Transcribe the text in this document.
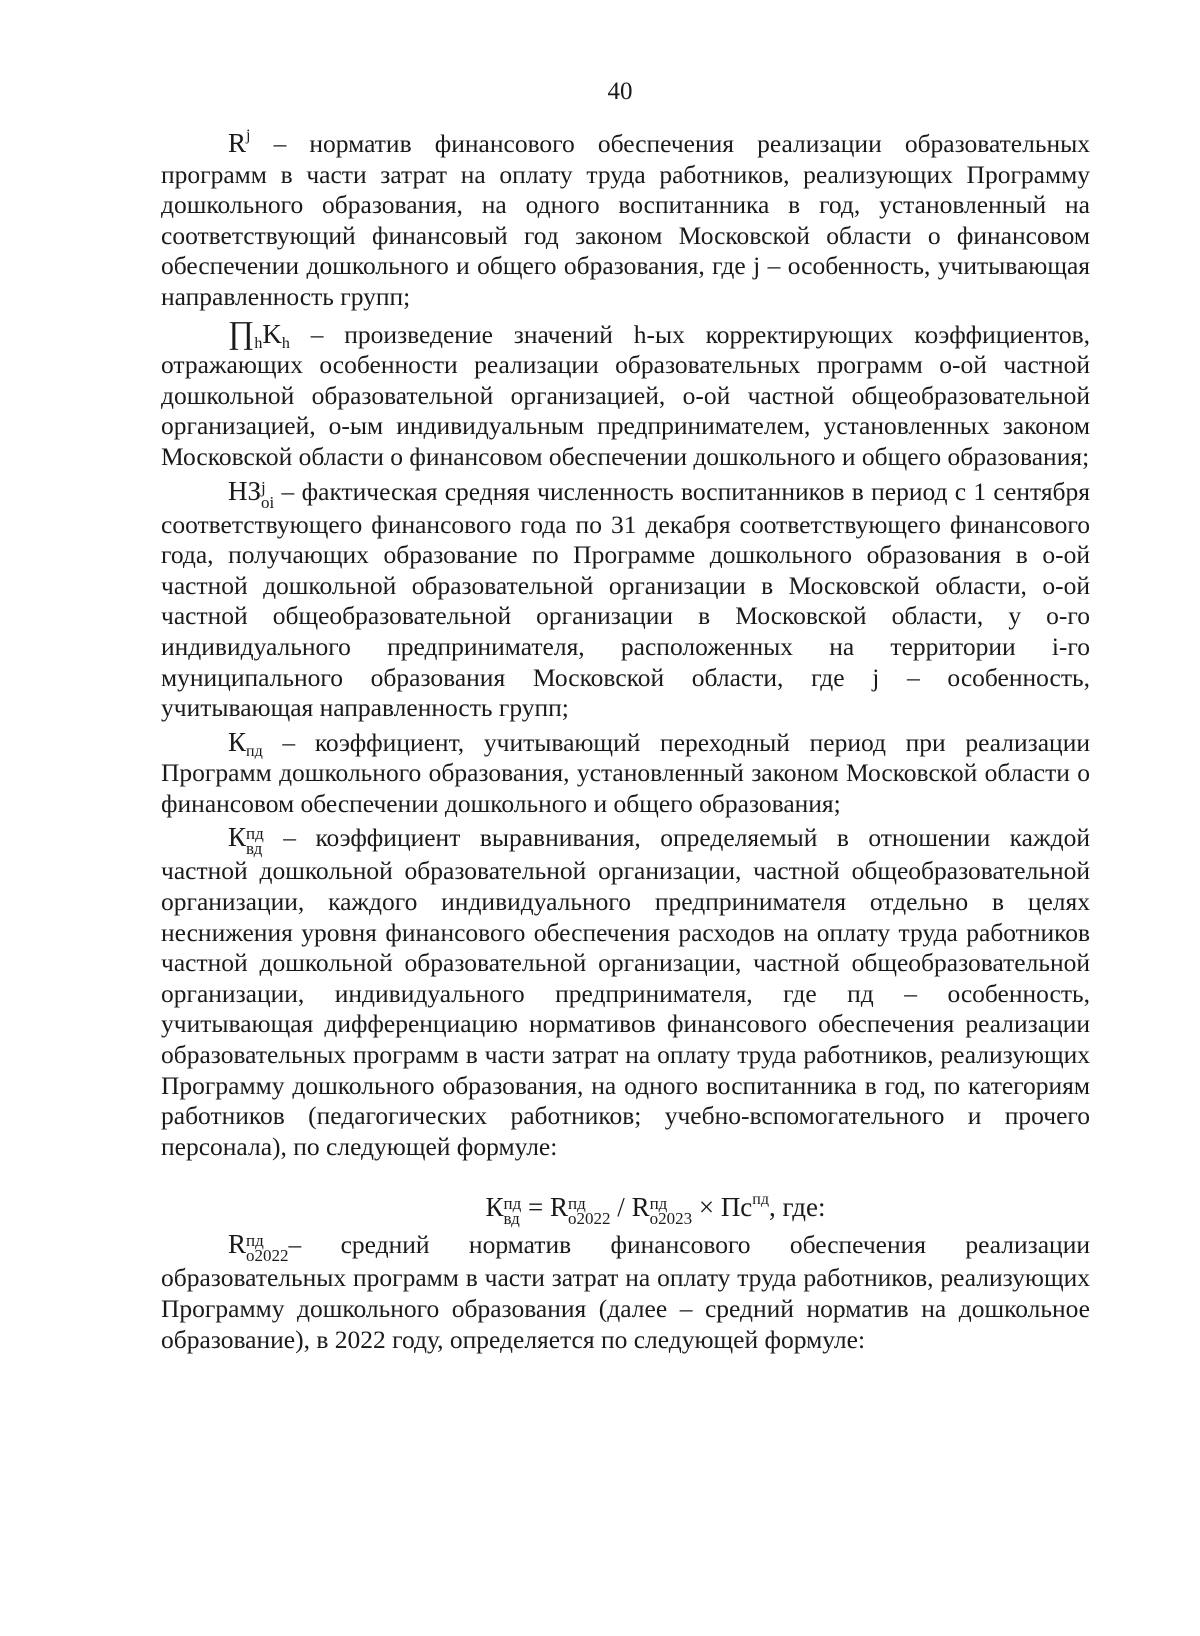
40

$R^j$ – норматив финансового обеспечения реализации образовательных программ в части затрат на оплату труда работников, реализующих Программу дошкольного образования, на одного воспитанника в год, установленный на соответствующий финансовый год законом Московской области о финансовом обеспечении дошкольного и общего образования, где j – особенность, учитывающая направленность групп;

$\prod_hK_h$ – произведение значений h-ых корректирующих коэффициентов, отражающих особенности реализации образовательных программ о-ой частной дошкольной образовательной организацией, о-ой частной общеобразовательной организацией, о-ым индивидуальным предпринимателем, установленных законом Московской области о финансовом обеспечении дошкольного и общего образования;

НЗ j
oi – фактическая средняя численность воспитанников в период с 1 сентября соответствующего финансового года по 31 декабря соответствующего финансового года, получающих образование по Программе дошкольного образования в о-ой частной дошкольной образовательной организации в Московской области, о-ой частной общеобразовательной организации в Московской области, у о-го индивидуального предпринимателя, расположенных на территории i-го муниципального образования Московской области, где j – особенность, учитывающая направленность групп;

$К_{пд}$ – коэффициент, учитывающий переходный период при реализации Программ дошкольного образования, установленный законом Московской области о финансовом обеспечении дошкольного и общего образования;

К пд
вд – коэффициент выравнивания, определяемый в отношении каждой частной дошкольной образовательной организации, частной общеобразовательной организации, каждого индивидуального предпринимателя отдельно в целях неснижения уровня финансового обеспечения расходов на оплату труда работников частной дошкольной образовательной организации, частной общеобразовательной организации, индивидуального предпринимателя, где пд – особенность, учитывающая дифференциацию нормативов финансового обеспечения реализации образовательных программ в части затрат на оплату труда работников, реализующих Программу дошкольного образования, на одного воспитанника в год, по категориям работников (педагогических работников; учебно-вспомогательного и прочего персонала), по следующей формуле:

К пд
вд = R пд
o2022 / R пд
$o2023 \times Пс^{пд}$, где:

R пд
o2022 – средний норматив финансового обеспечения реализации образовательных программ в части затрат на оплату труда работников, реализующих Программу дошкольного образования (далее – средний норматив на дошкольное образование), в 2022 году, определяется по следующей формуле:
